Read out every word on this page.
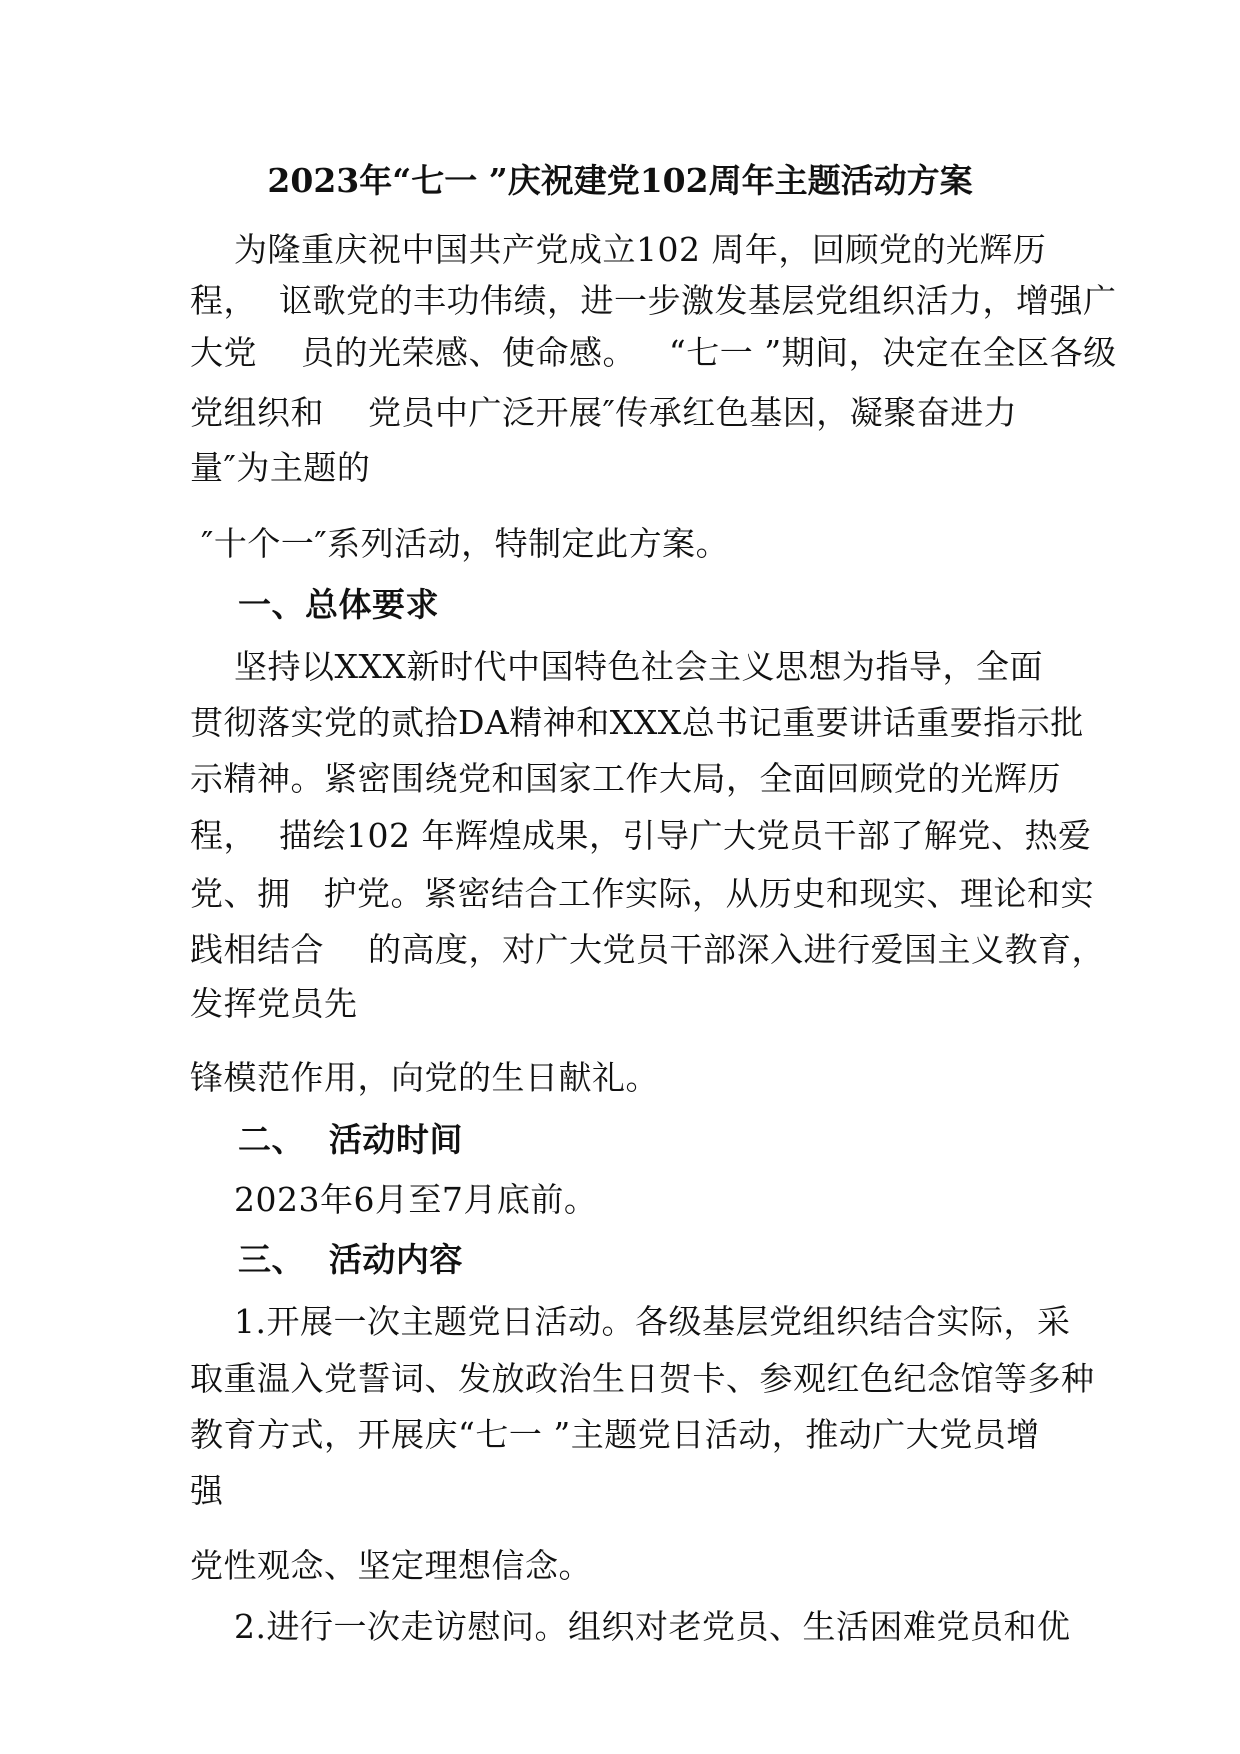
2023年“七一 ”庆祝建党102周年主题活动方案
为隆重庆祝中国共产党成立102 周年，回顾党的光辉历
程，  讴歌党的丰功伟绩，进一步激发基层党组织活力，增强广
大党    员的光荣感、使命感。   “七一 ”期间，决定在全区各级
党组织和    党员中广泛开展″传承红色基因，凝聚奋进力
量″为主题的
″十个一″系列活动，特制定此方案。
一、总体要求
坚持以XXX新时代中国特色社会主义思想为指导，全面
贯彻落实党的贰拾DA精神和XXX总书记重要讲话重要指示批
示精神。紧密围绕党和国家工作大局，全面回顾党的光辉历
程，  描绘102 年辉煌成果，引导广大党员干部了解党、热爱
党、拥   护党。紧密结合工作实际，从历史和现实、理论和实
践相结合    的高度，对广大党员干部深入进行爱国主义教育，
发挥党员先
锋模范作用，向党的生日献礼。
二、  活动时间
2023年6月至7月底前。
三、  活动内容
1.开展一次主题党日活动。各级基层党组织结合实际，采
取重温入党誓词、发放政治生日贺卡、参观红色纪念馆等多种
教育方式，开展庆“七一 ”主题党日活动，推动广大党员增
强
党性观念、坚定理想信念。
2.进行一次走访慰问。组织对老党员、生活困难党员和优
